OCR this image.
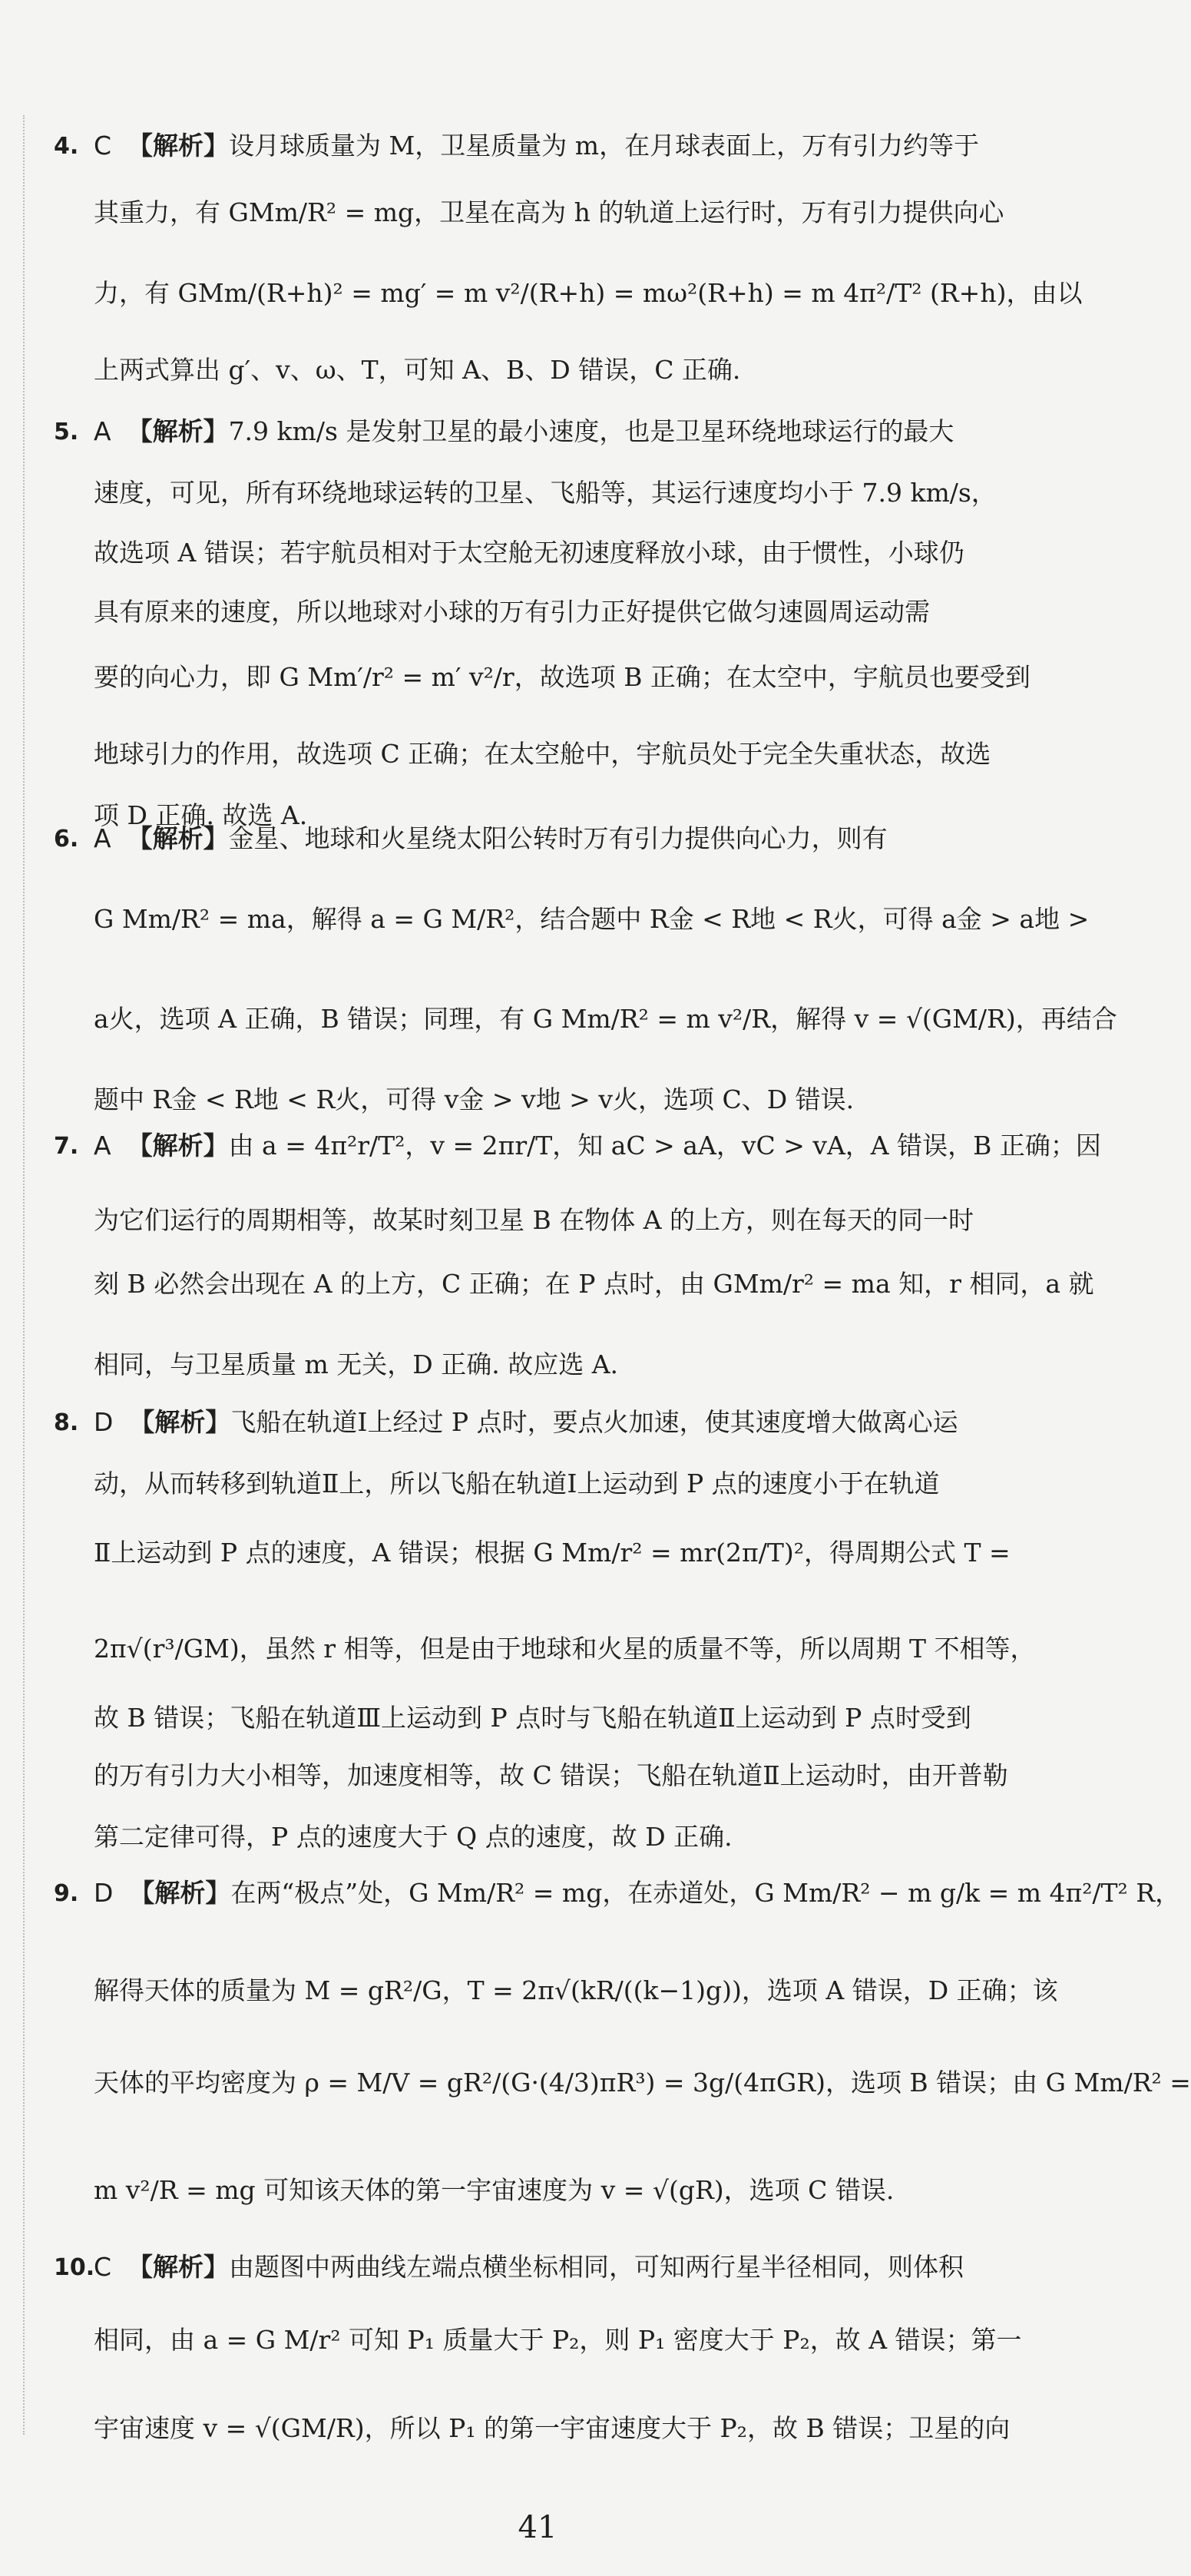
4. C 【解析】设月球质量为 M，卫星质量为 m，在月球表面上，万有引力约等于
其重力，有 GMm/R² = mg，卫星在高为 h 的轨道上运行时，万有引力提供向心
力，有 GMm/(R+h)² = mg′ = m v²/(R+h) = mω²(R+h) = m 4π²/T² (R+h)，由以
上两式算出 g′、v、ω、T，可知 A、B、D 错误，C 正确.
5. A 【解析】7.9 km/s 是发射卫星的最小速度，也是卫星环绕地球运行的最大
速度，可见，所有环绕地球运转的卫星、飞船等，其运行速度均小于 7.9 km/s，
故选项 A 错误；若宇航员相对于太空舱无初速度释放小球，由于惯性，小球仍
具有原来的速度，所以地球对小球的万有引力正好提供它做匀速圆周运动需
要的向心力，即 G Mm′/r² = m′ v²/r，故选项 B 正确；在太空中，宇航员也要受到
地球引力的作用，故选项 C 正确；在太空舱中，宇航员处于完全失重状态，故选
项 D 正确. 故选 A.
6. A 【解析】金星、地球和火星绕太阳公转时万有引力提供向心力，则有
G Mm/R² = ma，解得 a = G M/R²，结合题中 R金 < R地 < R火，可得 a金 > a地 >
a火，选项 A 正确，B 错误；同理，有 G Mm/R² = m v²/R，解得 v = √(GM/R)，再结合
题中 R金 < R地 < R火，可得 v金 > v地 > v火，选项 C、D 错误.
7. A 【解析】由 a = 4π²r/T²，v = 2πr/T，知 aC > aA，vC > vA，A 错误，B 正确；因
为它们运行的周期相等，故某时刻卫星 B 在物体 A 的上方，则在每天的同一时
刻 B 必然会出现在 A 的上方，C 正确；在 P 点时，由 GMm/r² = ma 知，r 相同，a 就
相同，与卫星质量 m 无关，D 正确. 故应选 A.
8. D 【解析】飞船在轨道Ⅰ上经过 P 点时，要点火加速，使其速度增大做离心运
动，从而转移到轨道Ⅱ上，所以飞船在轨道Ⅰ上运动到 P 点的速度小于在轨道
Ⅱ上运动到 P 点的速度，A 错误；根据 G Mm/r² = mr(2π/T)²，得周期公式 T =
2π√(r³/GM)，虽然 r 相等，但是由于地球和火星的质量不等，所以周期 T 不相等，
故 B 错误；飞船在轨道Ⅲ上运动到 P 点时与飞船在轨道Ⅱ上运动到 P 点时受到
的万有引力大小相等，加速度相等，故 C 错误；飞船在轨道Ⅱ上运动时，由开普勒
第二定律可得，P 点的速度大于 Q 点的速度，故 D 正确.
9. D 【解析】在两“极点”处，G Mm/R² = mg，在赤道处，G Mm/R² − m g/k = m 4π²/T² R，
解得天体的质量为 M = gR²/G，T = 2π√(kR/((k−1)g))，选项 A 错误，D 正确；该
天体的平均密度为 ρ = M/V = gR²/(G·(4/3)πR³) = 3g/(4πGR)，选项 B 错误；由 G Mm/R² =
m v²/R = mg 可知该天体的第一宇宙速度为 v = √(gR)，选项 C 错误.
10.
C 【解析】由题图中两曲线左端点横坐标相同，可知两行星半径相同，则体积
相同，由 a = G M/r² 可知 P₁ 质量大于 P₂，则 P₁ 密度大于 P₂，故 A 错误；第一
宇宙速度 v = √(GM/R)，所以 P₁ 的第一宇宙速度大于 P₂，故 B 错误；卫星的向
41
